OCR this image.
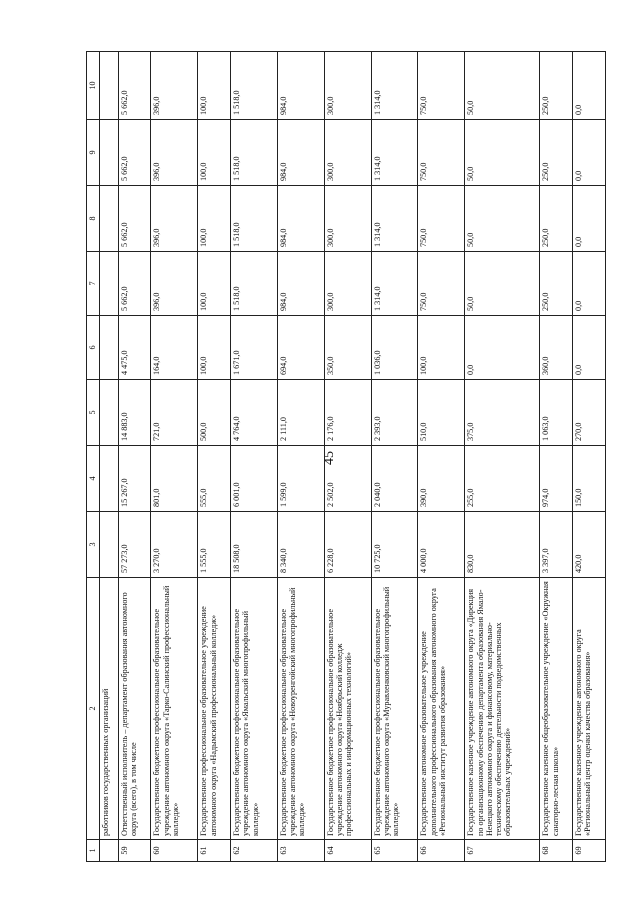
45
1	2	3	4	5	6	7	8	9	10
	работников государственных организаций								
59	Ответственный исполнитель – департамент образования автономного округа (всего), в том числе	57 273,0	15 267,0	14 883,0	4 475,0	5 662,0	5 662,0	5 662,0	5 662,0
60	Государственное бюджетное профессиональное образовательное учреждение автономного округа «Тарко-Салинский профессиональный колледж»	3 270,0	801,0	721,0	164,0	396,0	396,0	396,0	396,0
61	Государственное профессиональное образовательное учреждение автономного округа «Надымский профессиональный колледж»	1 555,0	555,0	500,0	100,0	100,0	100,0	100,0	100,0
62	Государственное бюджетное профессиональное образовательное учреждение автономного округа «Ямальский многопрофильный колледж»	18 508,0	6 001,0	4 764,0	1 671,0	1 518,0	1 518,0	1 518,0	1 518,0
63	Государственное бюджетное профессиональное образовательное учреждение автономного округа «Новоуренгойский многопрофильный колледж»	8 340,0	1 599,0	2 111,0	694,0	984,0	984,0	984,0	984,0
64	Государственное бюджетное профессиональное образовательное учреждение автономного округа «Ноябрьский колледж профессиональных и информационных технологий»	6 228,0	2 502,0	2 176,0	350,0	300,0	300,0	300,0	300,0
65	Государственное бюджетное профессиональное образовательное учреждение автономного округа «Муравленковский многопрофильный колледж»	10 725,0	2 040,0	2 393,0	1 036,0	1 314,0	1 314,0	1 314,0	1 314,0
66	Государственное автономное образовательное учреждение дополнительного профессионального образования автономного округа «Региональный институт развития образования»	4 000,0	390,0	510,0	100,0	750,0	750,0	750,0	750,0
67	Государственное казенное учреждение автономного округа «Дирекция по организационному обеспечению департамента образования Ямало-Ненецкого автономного округа и финансовому, материально-техническому обеспечению деятельности подведомственных образовательных учреждений»	830,0	255,0	375,0	0,0	50,0	50,0	50,0	50,0
68	Государственное казенное общеобразовательное учреждение «Окружная санаторно-лесная школа»	3 397,0	974,0	1 063,0	360,0	250,0	250,0	250,0	250,0
69	Государственное казенное учреждение автономного округа «Региональный центр оценки качества образования»	420,0	150,0	270,0	0,0	0,0	0,0	0,0	0,0
